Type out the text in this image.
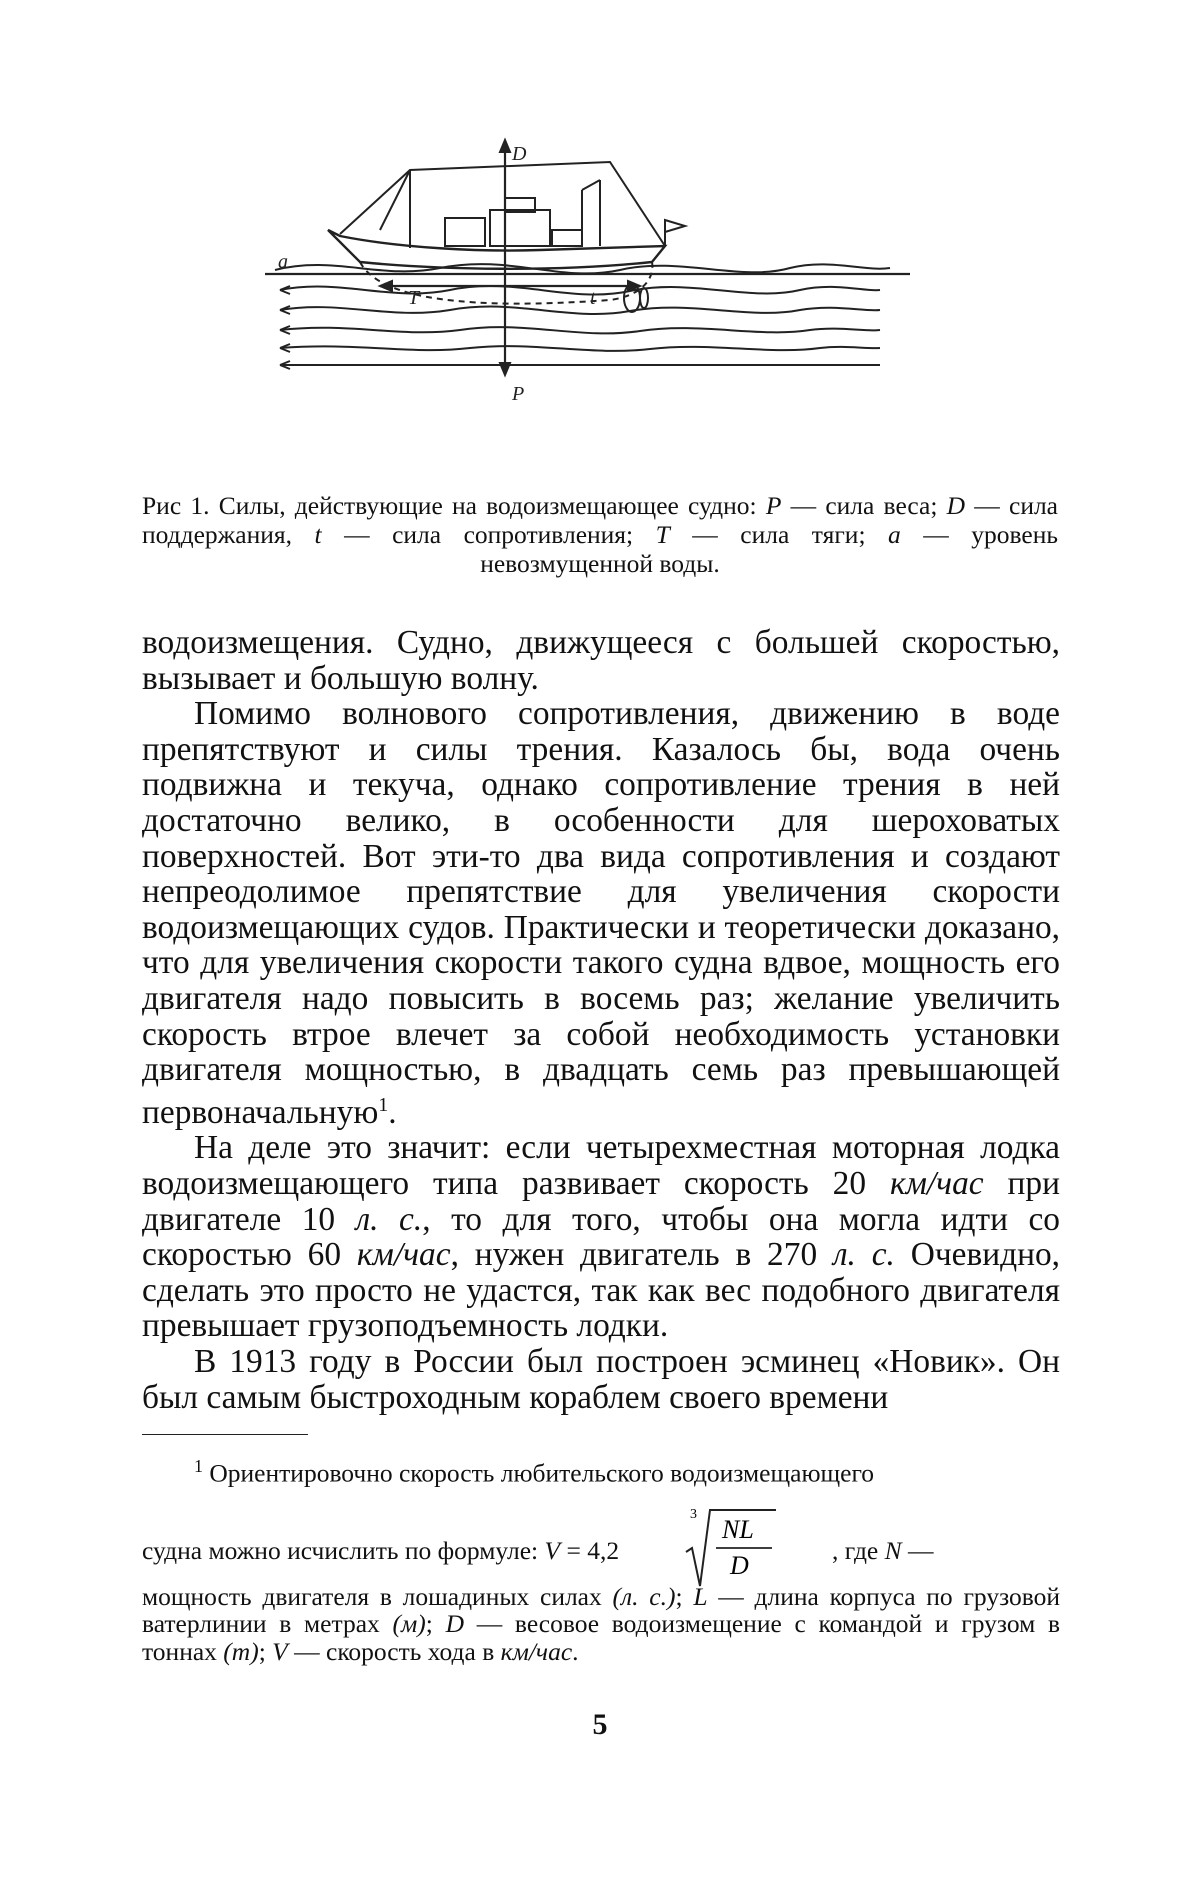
D
P
a
T	t
Рис 1. Силы, действующие на водоизмещающее судно: P — сила веса; D — сила поддержания, t — сила сопротивления; T — сила тяги; a — уровень невозмущенной воды.

водоизмещения. Судно, движущееся с большей скоростью, вызывает и большую волну.

Помимо волнового сопротивления, движению в воде препятствуют и силы трения. Казалось бы, вода очень подвижна и текуча, однако сопротивление трения в ней достаточно велико, в особенности для шероховатых поверхностей. Вот эти-то два вида сопротивления и создают непреодолимое препятствие для увеличения скорости водоизмещающих судов. Практически и теоретически доказано, что для увеличения скорости такого судна вдвое, мощность его двигателя надо повысить в восемь раз; желание увеличить скорость втрое влечет за собой необходимость установки двигателя мощностью, в двадцать семь раз превышающей первоначальную$^1$.

На деле это значит: если четырехместная моторная лодка водоизмещающего типа развивает скорость 20 км/час при двигателе 10 л. с., то для того, чтобы она могла идти со скоростью 60 км/час, нужен двигатель в 270 л. с. Очевидно, сделать это просто не удастся, так как вес подобного двигателя превышает грузоподъемность лодки.

В 1913 году в России был построен эсминец «Новик». Он был самым быстроходным кораблем своего времени

$^1$ Ориентировочно скорость любительского водоизмещающего

судна можно исчислить по формуле: V = 4,2
3
NL
D
, где N —

мощность двигателя в лошадиных силах (л. с.); L — длина корпуса по грузовой ватерлинии в метрах (м); D — весовое водоизмещение с командой и грузом в тоннах (т); V — скорость хода в км/час.

5
